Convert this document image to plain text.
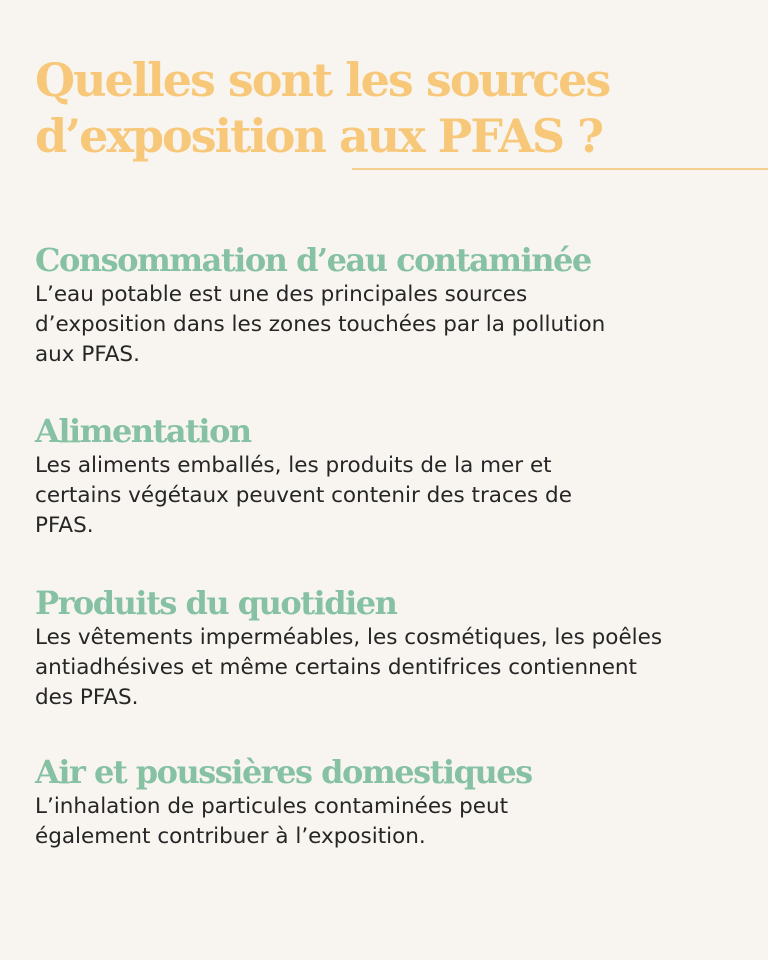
Quelles sont les sources
d’exposition aux PFAS ?
Consommation d’eau contaminée

L’eau potable est une des principales sources
d’exposition dans les zones touchées par la pollution
aux PFAS.

Alimentation

Les aliments emballés, les produits de la mer et
certains végétaux peuvent contenir des traces de
PFAS.

Produits du quotidien

Les vêtements imperméables, les cosmétiques, les poêles
antiadhésives et même certains dentifrices contiennent
des PFAS.

Air et poussières domestiques

L’inhalation de particules contaminées peut
également contribuer à l’exposition.
